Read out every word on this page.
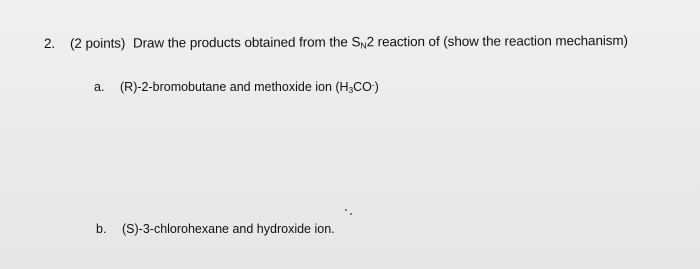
2. (2 points) Draw the products obtained from the $S_N2$ reaction of (show the reaction mechanism)
a. (R)-2-bromobutane and methoxide ion $(H_3CO^-)$
b. (S)-3-chlorohexane and hydroxide ion.
